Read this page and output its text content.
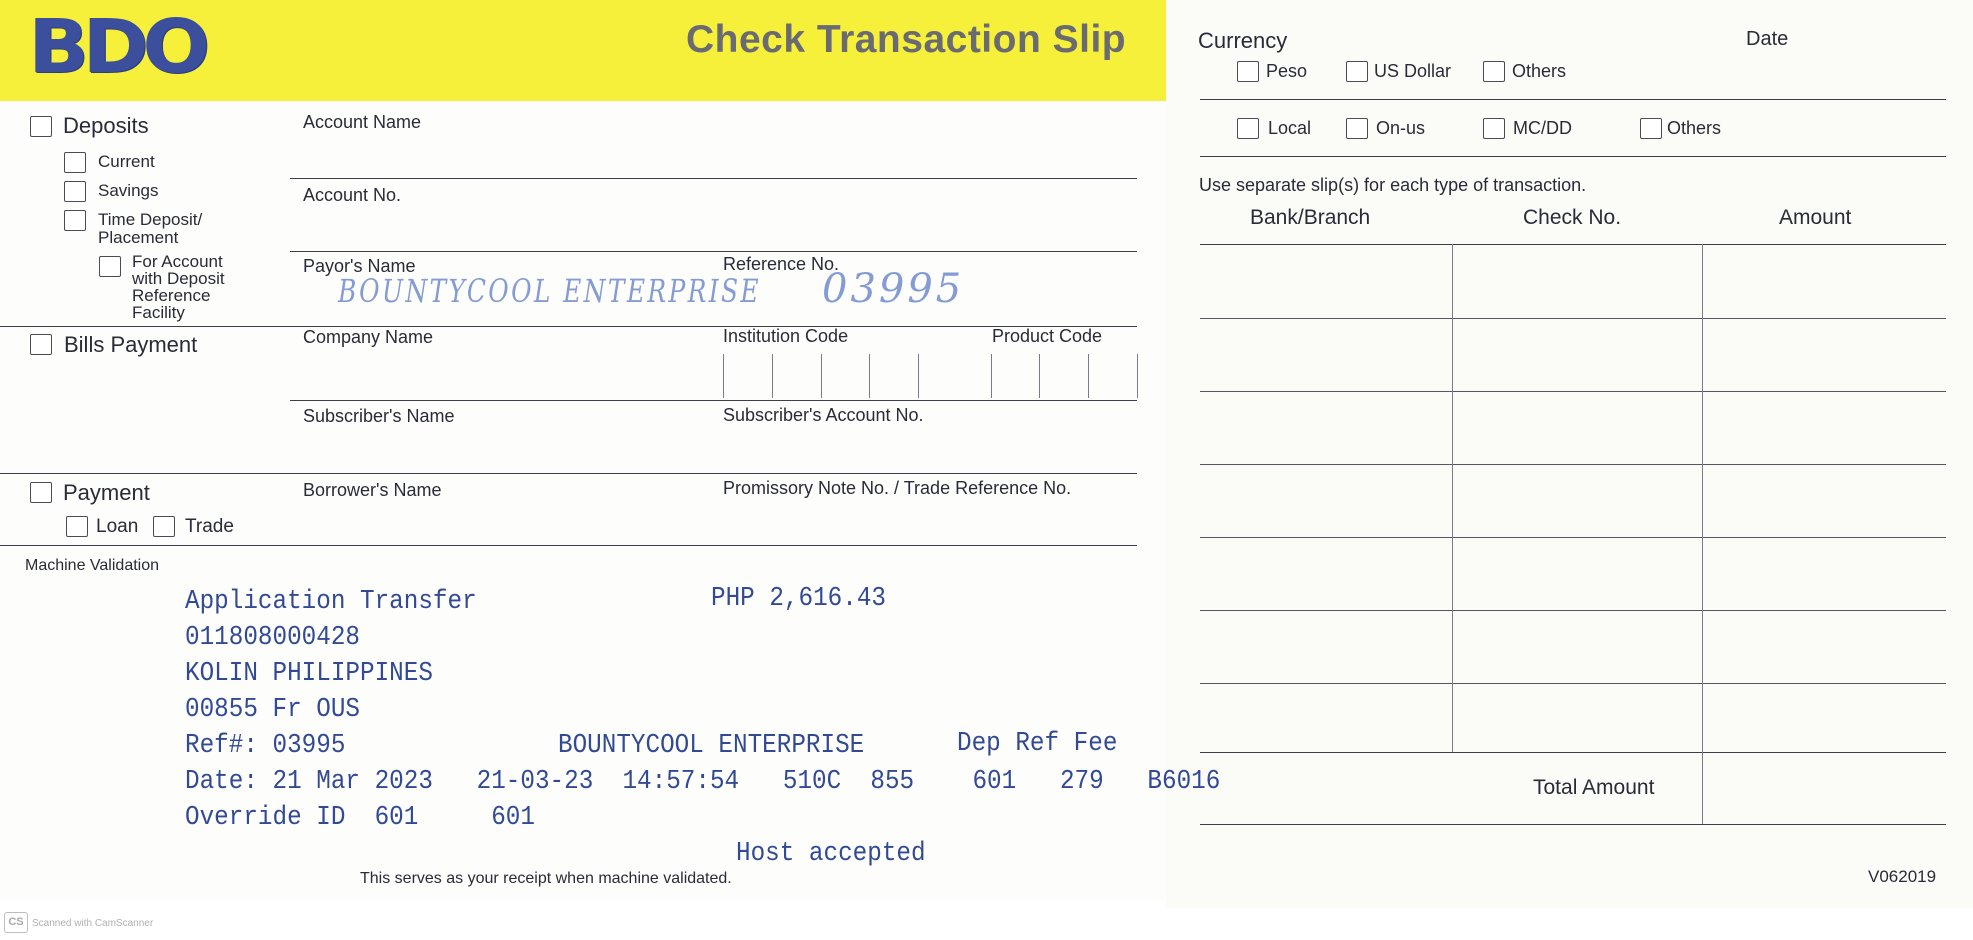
BDO	Check Transaction Slip
Deposits
Current
Savings
Time Deposit/
Placement
For Account
with Deposit
Reference
Facility
Account Name
Account No.
Payor's Name
BOUNTYCOOL ENTERPRISE
Reference No.
03995
Bills Payment	Company Name	Institution Code	Product Code
Subscriber's Name	Subscriber's Account No.
Payment	Borrower's Name	Promissory Note No. / Trade Reference No.
Loan Trade
Machine Validation
Application Transfer	PHP 2,616.43
011808000428
KOLIN PHILIPPINES
00855 Fr OUS
Ref#: 03995	BOUNTYCOOL ENTERPRISE	Dep Ref Fee
Date: 21 Mar 2023   21-03-23  14:57:54   510C  855    601   279   B6016
Override ID  601     601
Host accepted
This serves as your receipt when machine validated.
Currency	Date
Peso	US Dollar	Others
Local	On-us	MC/DD	Others
Use separate slip(s) for each type of transaction.
Bank/Branch	Check No.	Amount
Total Amount
V062019
CS Scanned with CamScanner
